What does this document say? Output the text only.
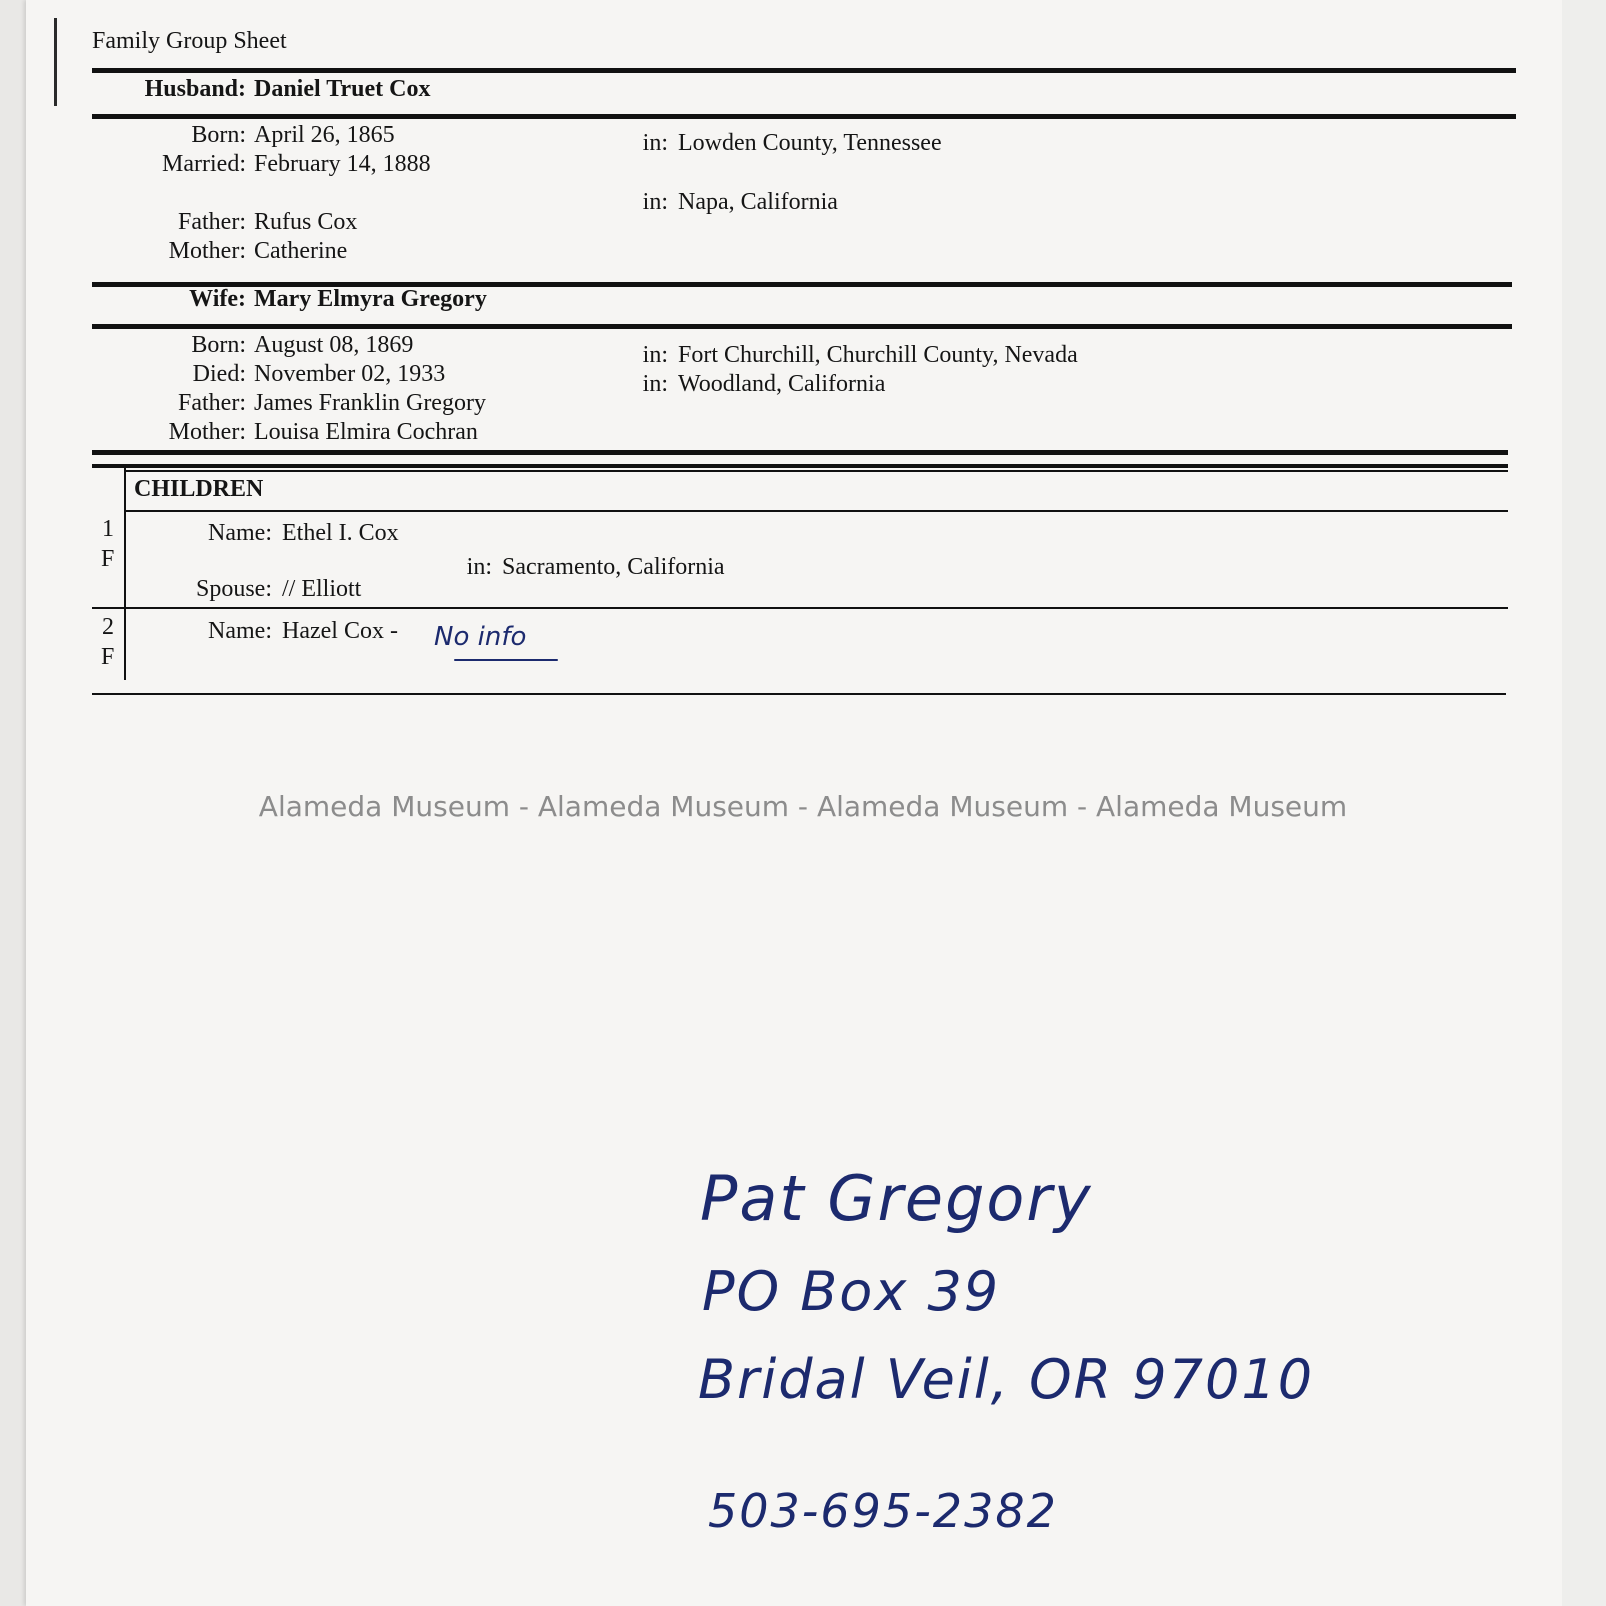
Family Group Sheet
Husband: Daniel Truet Cox
Born: April 26, 1865	in: Lowden County, Tennessee
Married: February 14, 1888
in: Napa, California
Father: Rufus Cox
Mother: Catherine
Wife: Mary Elmyra Gregory
Born: August 08, 1869	in: Fort Churchill, Churchill County, Nevada
Died: November 02, 1933	in: Woodland, California
Father: James Franklin Gregory
Mother: Louisa Elmira Cochran
CHILDREN
1
F
Name: Ethel I. Cox
in: Sacramento, California
Spouse: // Elliott
2
F
Name: Hazel Cox - No info
Alameda Museum - Alameda Museum - Alameda Museum - Alameda Museum
Pat Gregory
PO Box 39
Bridal Veil, OR 97010
503-695-2382
